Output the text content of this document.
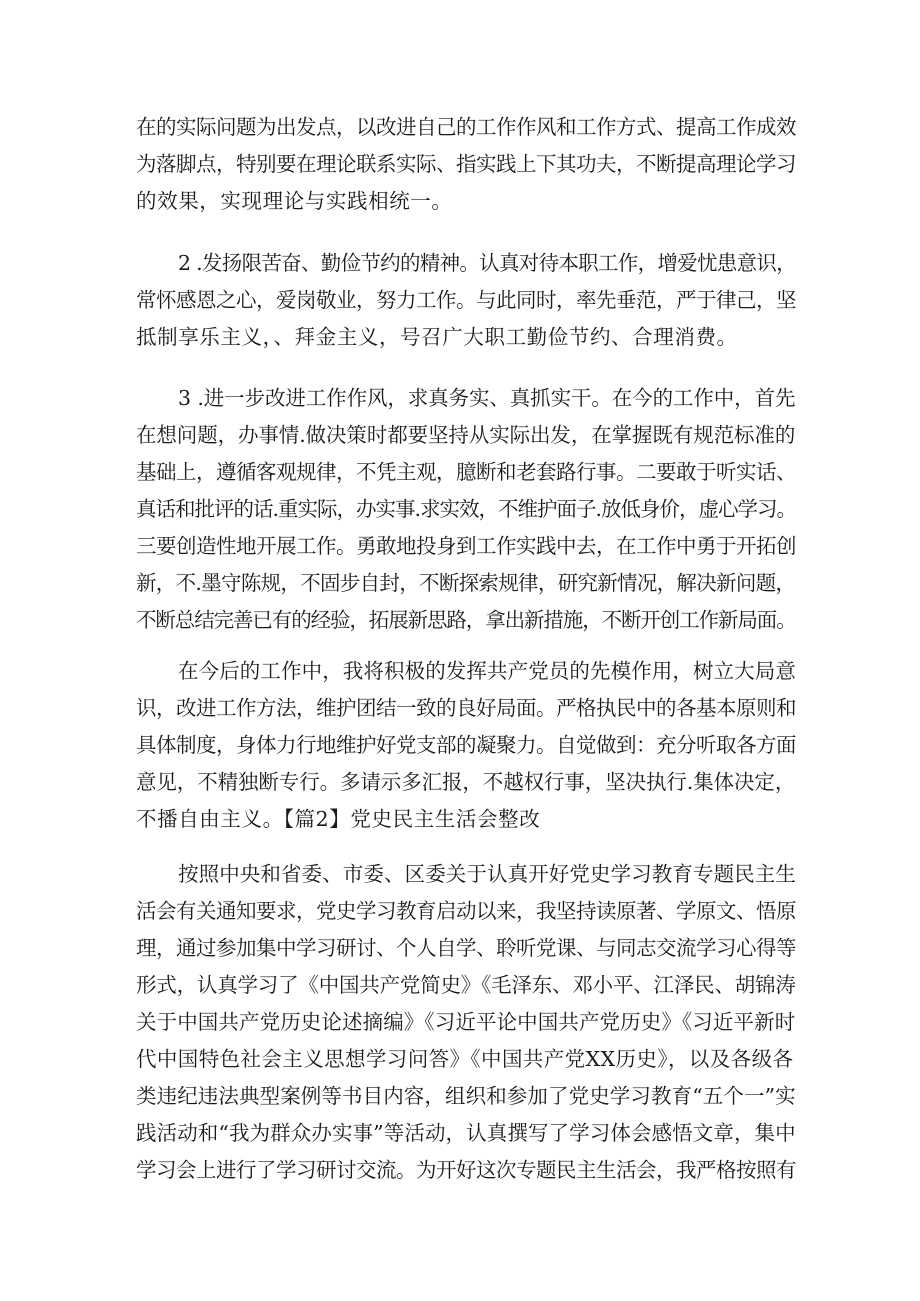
在的实际问题为出发点，以改进自己的工作作风和工作方式、提高工作成效
为落脚点，特别要在理论联系实际、指实践上下其功夫，不断提高理论学习
的效果，实现理论与实践相统一。
2 .发扬限苦奋、勤俭节约的精神。认真对待本职工作，增爱忧患意识，
常怀感恩之心，爱岗敬业，努力工作。与此同时，率先垂范，严于律己，坚
抵制享乐主义，、拜金主义，号召广大职工勤俭节约、合理消费。
3 .进一步改进工作作风，求真务实、真抓实干。在今的工作中，首先
在想问题，办事情.做决策时都要坚持从实际出发，在掌握既有规范标准的
基础上，遵循客观规律，不凭主观，臆断和老套路行事。二要敢于听实话、
真话和批评的话.重实际，办实事.求实效，不维护面子.放低身价，虚心学习。
三要创造性地开展工作。勇敢地投身到工作实践中去，在工作中勇于开拓创
新，不.墨守陈规，不固步自封，不断探索规律，研究新情况，解决新问题，
不断总结完善已有的经验，拓展新思路，拿出新措施，不断开创工作新局面。
在今后的工作中，我将积极的发挥共产党员的先模作用，树立大局意
识，改进工作方法，维护团结一致的良好局面。严格执民中的各基本原则和
具体制度，身体力行地维护好党支部的凝聚力。自觉做到：充分听取各方面
意见，不精独断专行。多请示多汇报，不越权行事，坚决执行.集体决定，
不播自由主义。【篇2】党史民主生活会整改
按照中央和省委、市委、区委关于认真开好党史学习教育专题民主生
活会有关通知要求，党史学习教育启动以来，我坚持读原著、学原文、悟原
理，通过参加集中学习研讨、个人自学、聆听党课、与同志交流学习心得等
形式，认真学习了《中国共产党简史》《毛泽东、邓小平、江泽民、胡锦涛
关于中国共产党历史论述摘编》《习近平论中国共产党历史》《习近平新时
代中国特色社会主义思想学习问答》《中国共产党XX历史》，以及各级各
类违纪违法典型案例等书目内容，组织和参加了党史学习教育“五个一”实
践活动和“我为群众办实事”等活动，认真撰写了学习体会感悟文章，集中
学习会上进行了学习研讨交流。为开好这次专题民主生活会，我严格按照有
